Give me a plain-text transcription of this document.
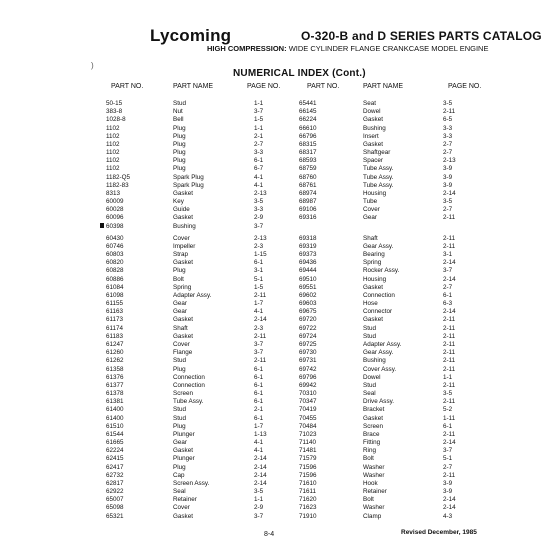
Lycoming	O-320-B and D SERIES PARTS CATALOG
HIGH COMPRESSION: WIDE CYLINDER FLANGE CRANKCASE MODEL ENGINE
)
NUMERICAL INDEX (Cont.)
PART NO.	PART NAME	PAGE NO.	PART NO.	PART NAME	PAGE NO.
50-15	Stud	1-1	65441	Seat	3-5
383-8	Nut	3-7	66145	Dowel	2-11
1028-8	Bell	1-5	66224	Gasket	6-5
1102	Plug	1-1	66610	Bushing	3-3
1102	Plug	2-1	66796	Insert	3-3
1102	Plug	2-7	68315	Gasket	2-7
1102	Plug	3-3	68317	Shaftgear	2-7
1102	Plug	6-1	68593	Spacer	2-13
1102	Plug	6-7	68759	Tube Assy.	3-9
1182-Q5	Spark Plug	4-1	68760	Tube Assy.	3-9
1182-83	Spark Plug	4-1	68761	Tube Assy.	3-9
8313	Gasket	2-13	68974	Housing	2-14
60009	Key	3-5	68987	Tube	3-5
60028	Guide	3-3	69106	Cover	2-7
60096	Gasket	2-9	69316	Gear	2-11
60398	Bushing	3-7
60430	Cover	2-13	69318	Shaft	2-11
60746	Impeller	2-3	69319	Gear Assy.	2-11
60803	Strap	1-15	69373	Bearing	3-1
60820	Gasket	6-1	69436	Spring	2-14
60828	Plug	3-1	69444	Rocker Assy.	3-7
60886	Bolt	5-1	69510	Housing	2-14
61084	Spring	1-5	69551	Gasket	2-7
61098	Adapter Assy.	2-11	69602	Connection	6-1
61155	Gear	1-7	69603	Hose	6-3
61163	Gear	4-1	69675	Connector	2-14
61173	Gasket	2-14	69720	Gasket	2-11
61174	Shaft	2-3	69722	Stud	2-11
61183	Gasket	2-11	69724	Stud	2-11
61247	Cover	3-7	69725	Adapter Assy.	2-11
61260	Flange	3-7	69730	Gear Assy.	2-11
61262	Stud	2-11	69731	Bushing	2-11
61358	Plug	6-1	69742	Cover Assy.	2-11
61376	Connection	6-1	69796	Dowel	1-1
61377	Connection	6-1	69942	Stud	2-11
61378	Screen	6-1	70310	Seal	3-5
61381	Tube Assy.	6-1	70347	Drive Assy.	2-11
61400	Stud	2-1	70419	Bracket	5-2
61400	Stud	6-1	70455	Gasket	1-11
61510	Plug	1-7	70484	Screen	6-1
61544	Plunger	1-13	71023	Brace	2-11
61665	Gear	4-1	71140	Fitting	2-14
62224	Gasket	4-1	71481	Ring	3-7
62415	Plunger	2-14	71579	Bolt	5-1
62417	Plug	2-14	71596	Washer	2-7
62732	Cap	2-14	71596	Washer	2-11
62817	Screen Assy.	2-14	71610	Hook	3-9
62922	Seal	3-5	71611	Retainer	3-9
65007	Retainer	1-1	71620	Bolt	2-14
65098	Cover	2-9	71623	Washer	2-14
65321	Gasket	3-7	71910	Clamp	4-3
8-4	Revised December, 1985
